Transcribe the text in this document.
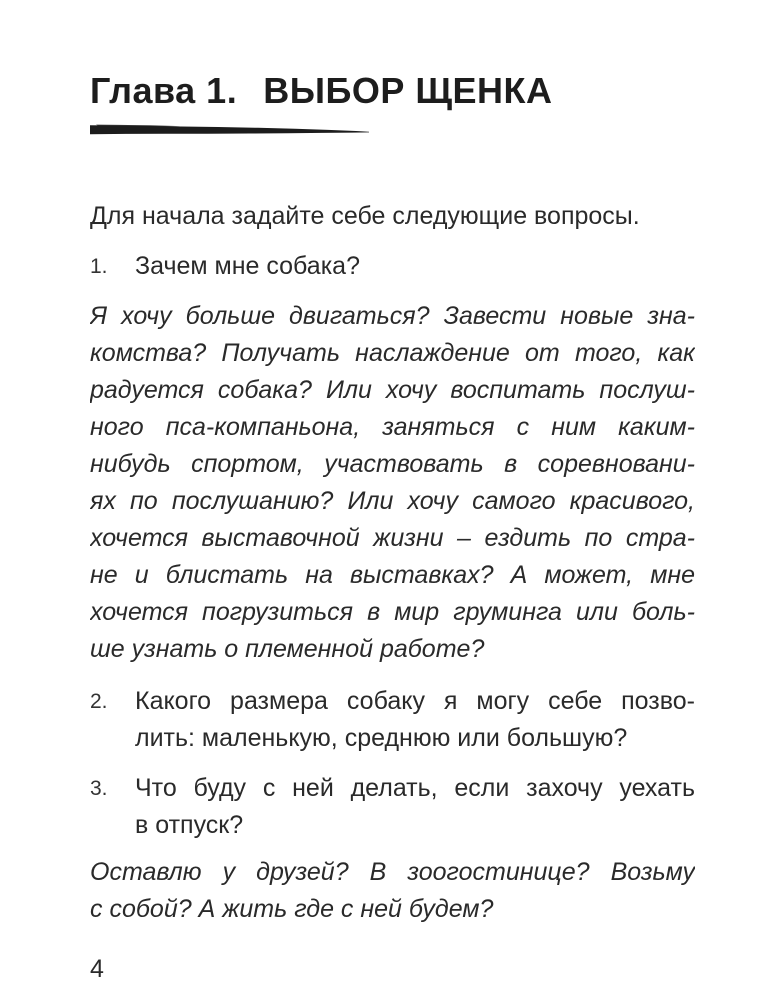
Глава 1. ВЫБОР ЩЕНКА

Для начала задайте себе следующие вопросы.

1.	Зачем мне собака?
Я хочу больше двигаться? Завести новые зна-
комства? Получать наслаждение от того, как
радуется собака? Или хочу воспитать послуш-
ного пса-компаньона, заняться с ним каким-
нибудь спортом, участвовать в соревновани-
ях по послушанию? Или хочу самого красивого,
хочется выставочной жизни – ездить по стра-
не и блистать на выставках? А может, мне
хочется погрузиться в мир груминга или боль-
ше узнать о племенной работе?
2.	Какого размера собаку я могу себе позво-
лить: маленькую, среднюю или большую?
3.	Что буду с ней делать, если захочу уехать
в отпуск?
Оставлю у друзей? В зоогостинице? Возьму
с собой? А жить где с ней будем?
4
